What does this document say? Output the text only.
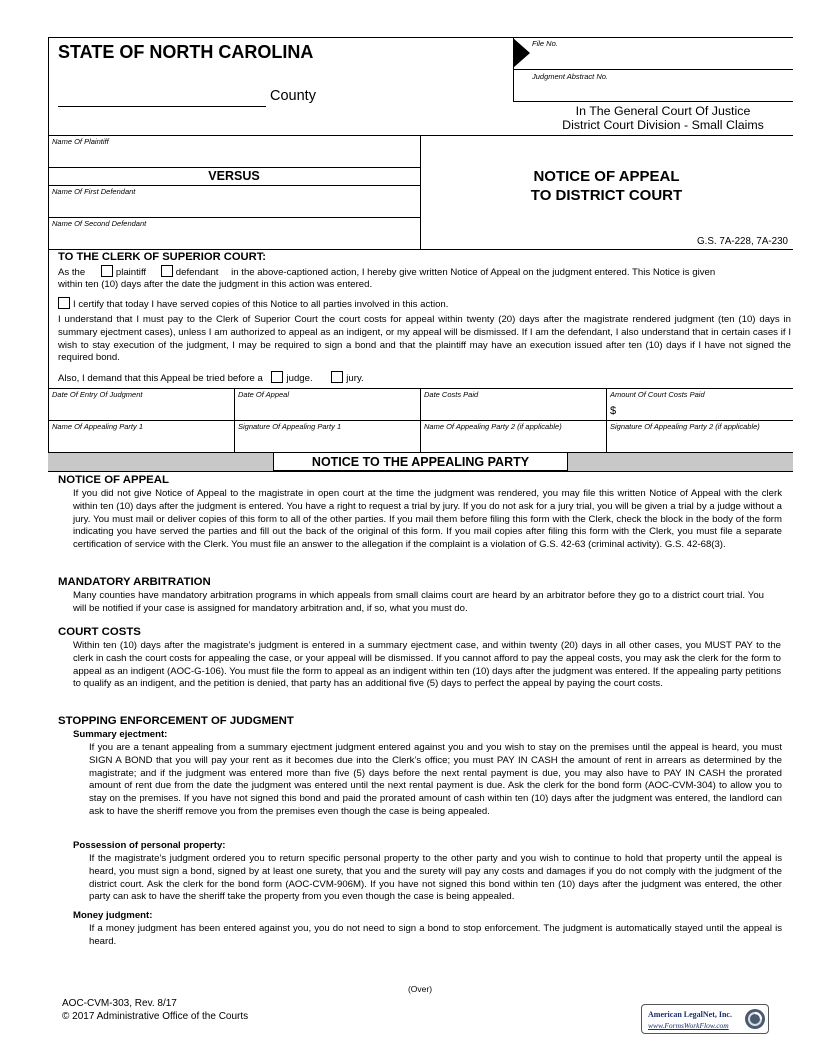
STATE OF NORTH CAROLINA
County
File No.
Judgment Abstract No.
In The General Court Of Justice
District Court Division - Small Claims
Name Of Plaintiff
VERSUS
Name Of First Defendant
Name Of Second Defendant
NOTICE OF APPEAL
TO DISTRICT COURT
G.S. 7A-228, 7A-230
TO THE CLERK OF SUPERIOR COURT:
As the	plaintiff	defendant in the above-captioned action, I hereby give written Notice of Appeal on the judgment entered. This Notice is given
within ten (10) days after the date the judgment in this action was entered.
I certify that today I have served copies of this Notice to all parties involved in this action.
I understand that I must pay to the Clerk of Superior Court the court costs for appeal within twenty (20) days after the magistrate rendered judgment (ten (10) days in summary ejectment cases), unless I am authorized to appeal as an indigent, or my appeal will be dismissed. If I am the defendant, I also understand that in certain cases if I wish to stay execution of the judgment, I may be required to sign a bond and that the plaintiff may have an execution issued after ten (10) days if I have not signed the required bond.
Also, I demand that this Appeal be tried before a judge.	jury.
Date Of Entry Of Judgment	Date Of Appeal	Date Costs Paid	Amount Of Court Costs Paid
$
Name Of Appealing Party 1	Signature Of Appealing Party 1	Name Of Appealing Party 2 (if applicable)	Signature Of Appealing Party 2 (if applicable)
NOTICE TO THE APPEALING PARTY
NOTICE OF APPEAL
If you did not give Notice of Appeal to the magistrate in open court at the time the judgment was rendered, you may file this written Notice of Appeal with the clerk within ten (10) days after the judgment is entered. You have a right to request a trial by jury. If you do not ask for a jury trial, you will be given a trial by a judge without a jury. You must mail or deliver copies of this form to all of the other parties. If you mail them before filing this form with the Clerk, check the block in the body of the form indicating you have served the parties and fill out the back of the original of this form. If you mail copies after filing this form with the Clerk, you must file a separate certification of service with the Clerk. You must file an answer to the allegation if the complaint is a violation of G.S. 42-63 (criminal activity). G.S. 42-68(3).
MANDATORY ARBITRATION
Many counties have mandatory arbitration programs in which appeals from small claims court are heard by an arbitrator before they go to a district court trial. You will be notified if your case is assigned for mandatory arbitration and, if so, what you must do.
COURT COSTS
Within ten (10) days after the magistrate’s judgment is entered in a summary ejectment case, and within twenty (20) days in all other cases, you MUST PAY to the clerk in cash the court costs for appealing the case, or your appeal will be dismissed. If you cannot afford to pay the appeal costs, you may ask the clerk for the form to appeal as an indigent (AOC-G-106). You must file the form to appeal as an indigent within ten (10) days after the judgment was entered. If the appealing party petitions to qualify as an indigent, and the petition is denied, that party has an additional five (5) days to perfect the appeal by paying the court costs.
STOPPING ENFORCEMENT OF JUDGMENT
Summary ejectment:
If you are a tenant appealing from a summary ejectment judgment entered against you and you wish to stay on the premises until the appeal is heard, you must SIGN A BOND that you will pay your rent as it becomes due into the Clerk’s office; you must PAY IN CASH the amount of rent in arrears as determined by the magistrate; and if the judgment was entered more than five (5) days before the next rental payment is due, you may also have to PAY IN CASH the prorated amount of rent due from the date the judgment was entered until the next rental payment is due. Ask the clerk for the bond form (AOC-CVM-304) to allow you to stay on the premises. If you have not signed this bond and paid the prorated amount of cash within ten (10) days after the judgment was entered, the landlord can ask to have the sheriff remove you from the premises even though the case is being appealed.
Possession of personal property:
If the magistrate’s judgment ordered you to return specific personal property to the other party and you wish to continue to hold that property until the appeal is heard, you must sign a bond, signed by at least one surety, that you and the surety will pay any costs and damages if you do not comply with the judgment of the district court. Ask the clerk for the bond form (AOC-CVM-906M). If you have not signed this bond within ten (10) days after the judgment was entered, the other party can ask to have the sheriff take the property from you even though the case is being appealed.
Money judgment:
If a money judgment has been entered against you, you do not need to sign a bond to stop enforcement. The judgment is automatically stayed until the appeal is heard.
(Over)
AOC-CVM-303, Rev. 8/17
© 2017 Administrative Office of the Courts	American LegalNet, Inc.
www.FormsWorkFlow.com
